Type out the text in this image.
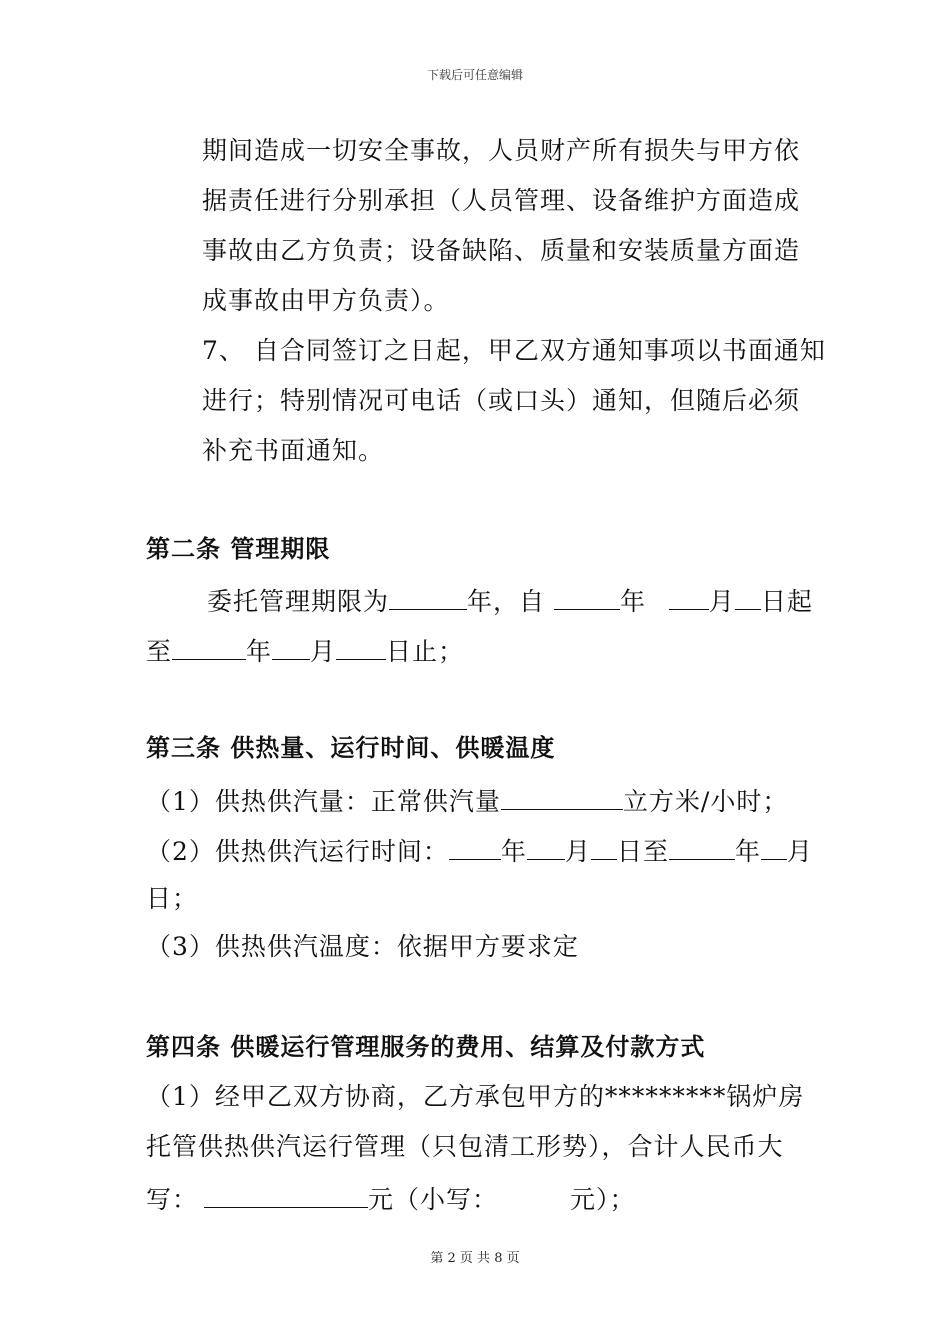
下载后可任意编辑
期间造成一切安全事故，人员财产所有损失与甲方依
据责任进行分别承担（人员管理、设备维护方面造成
事故由乙方负责；设备缺陷、质量和安装质量方面造
成事故由甲方负责）。
7、 自合同签订之日起，甲乙双方通知事项以书面通知
进行；特别情况可电话（或口头）通知，但随后必须
补充书面通知。
第二条 管理期限
委托管理期限为	年，自	年 月 日起
至	年 月 日止；
第三条 供热量、运行时间、供暖温度
（1）供热供汽量：正常供汽量	立方米/小时；
（2）供热供汽运行时间： 年 月 日至	年 月
日；
（3）供热供汽温度：依据甲方要求定
第四条 供暖运行管理服务的费用、结算及付款方式
（1）经甲乙双方协商，乙方承包甲方的*********锅炉房
托管供热供汽运行管理（只包清工形势），合计人民币大
写：	元（小写：	元）；
第 2 页 共 8 页
